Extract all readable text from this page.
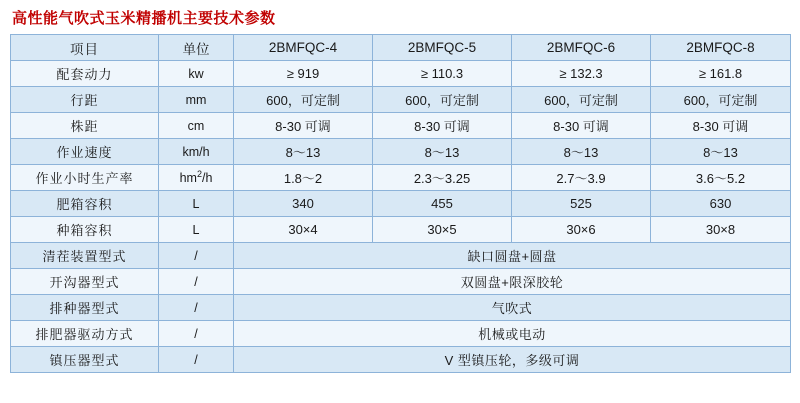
高性能气吹式玉米精播机主要技术参数
项目	单位	2BMFQC-4	2BMFQC-5	2BMFQC-6	2BMFQC-8
配套动力	kw	≥ 919	≥ 110.3	≥ 132.3	≥ 161.8
行距	mm	600，可定制	600，可定制	600，可定制	600，可定制
株距	cm	8-30 可调	8-30 可调	8-30 可调	8-30 可调
作业速度	km/h	8～13	8～13	8～13	8～13
作业小时生产率	$hm^2/h$	1.8～2	2.3～3.25	2.7～3.9	3.6～5.2
肥箱容积	L	340	455	525	630
种箱容积	L	30×4	30×5	30×6	30×8
清茬装置型式	/	缺口圆盘+圆盘			
开沟器型式	/	双圆盘+限深胶轮			
排种器型式	/	气吹式			
排肥器驱动方式	/	机械或电动			
镇压器型式	/	V 型镇压轮，多级可调			
